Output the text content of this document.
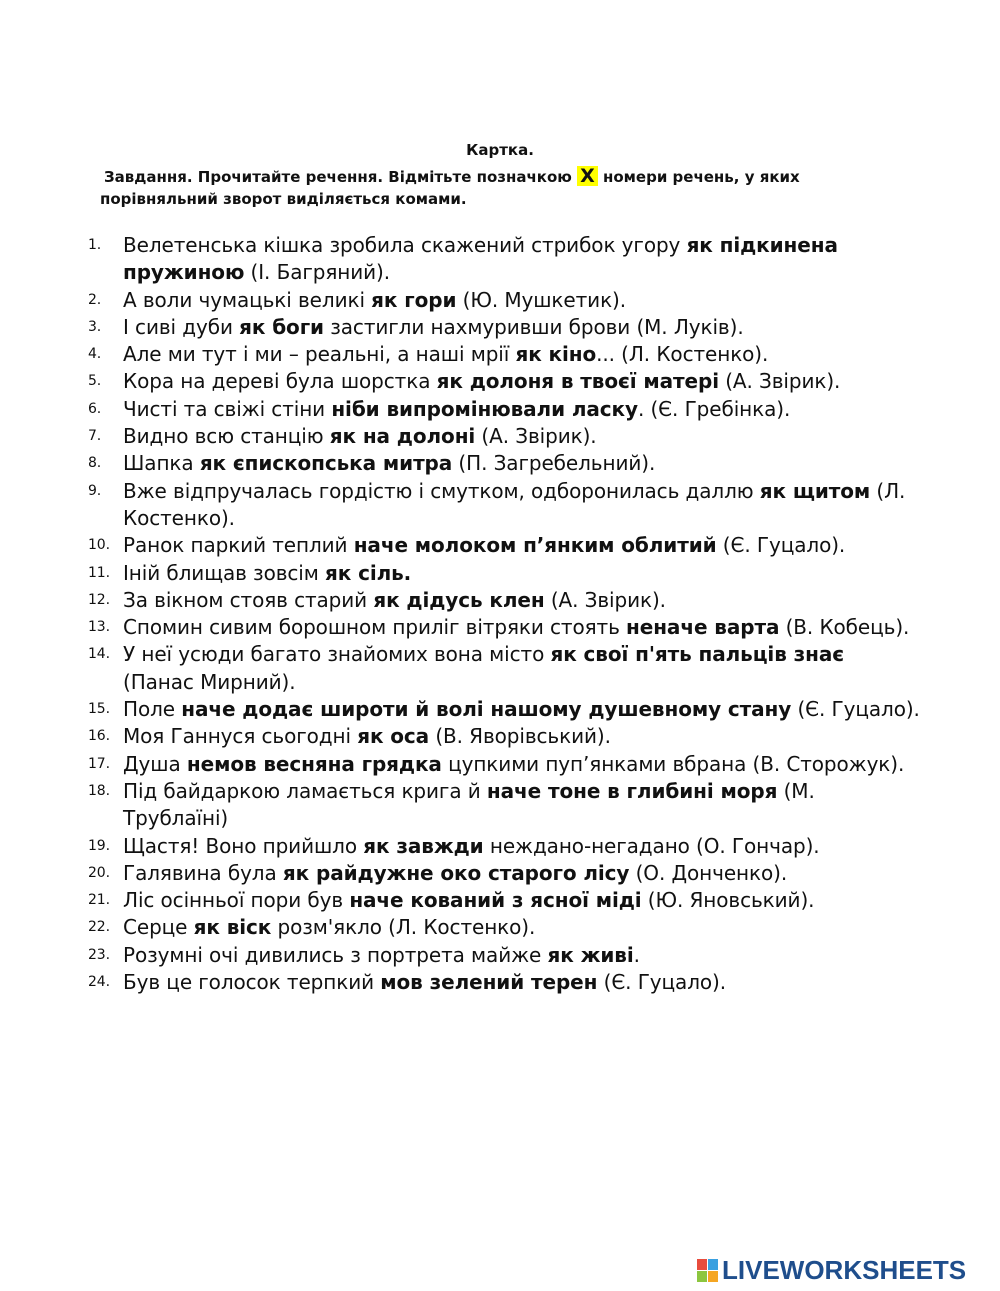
Картка.
Завдання. Прочитайте речення. Відмітьте позначкою Х номери речень, у яких
порівняльний зворот виділяється комами.
1. Велетенська кішка зробила скажений стрибок угору як підкинена пружиною (І. Багряний).
2. А воли чумацькі великі як гори (Ю. Мушкетик).
3. І сиві дуби як боги застигли нахмуривши брови (М. Луків).
4. Але ми тут і ми – реальні, а наші мрії як кіно... (Л. Костенко).
5. Кора на дереві була шорстка як долоня в твоєї матері (А. Звірик).
6. Чисті та свіжі стіни ніби випромінювали ласку. (Є. Гребінка).
7. Видно всю станцію як на долоні (А. Звірик).
8. Шапка як єпископська митра (П. Загребельний).
9. Вже відпручалась гордістю і смутком, одборонилась даллю як щитом (Л. Костенко).
10. Ранок паркий теплий наче молоком п’янким облитий (Є. Гуцало).
11. Іній блищав зовсім як сіль.
12. За вікном стояв старий як дідусь клен (А. Звірик).
13. Спомин сивим борошном приліг вітряки стоять неначе варта (В. Кобець).
14. У неї усюди багато знайомих вона місто як свої п'ять пальців знає (Панас Мирний).
15. Поле наче додає широти й волі нашому душевному стану (Є. Гуцало).
16. Моя Ганнуся сьогодні як оса (В. Яворівський).
17. Душа немов весняна грядка цупкими пуп’янками вбрана (В. Сторожук).
18. Під байдаркою ламається крига й наче тоне в глибині моря (М. Трублаїні)
19. Щастя! Воно прийшло як завжди неждано-негадано (О. Гончар).
20. Галявина була як райдужне око старого лісу (О. Донченко).
21. Ліс осінньої пори був наче кований з ясної міді (Ю. Яновський).
22. Серце як віск розм'якло (Л. Костенко).
23. Розумні очі дивились з портрета майже як живі.
24. Був це голосок терпкий мов зелений терен (Є. Гуцало).
LIVEWORKSHEETS
